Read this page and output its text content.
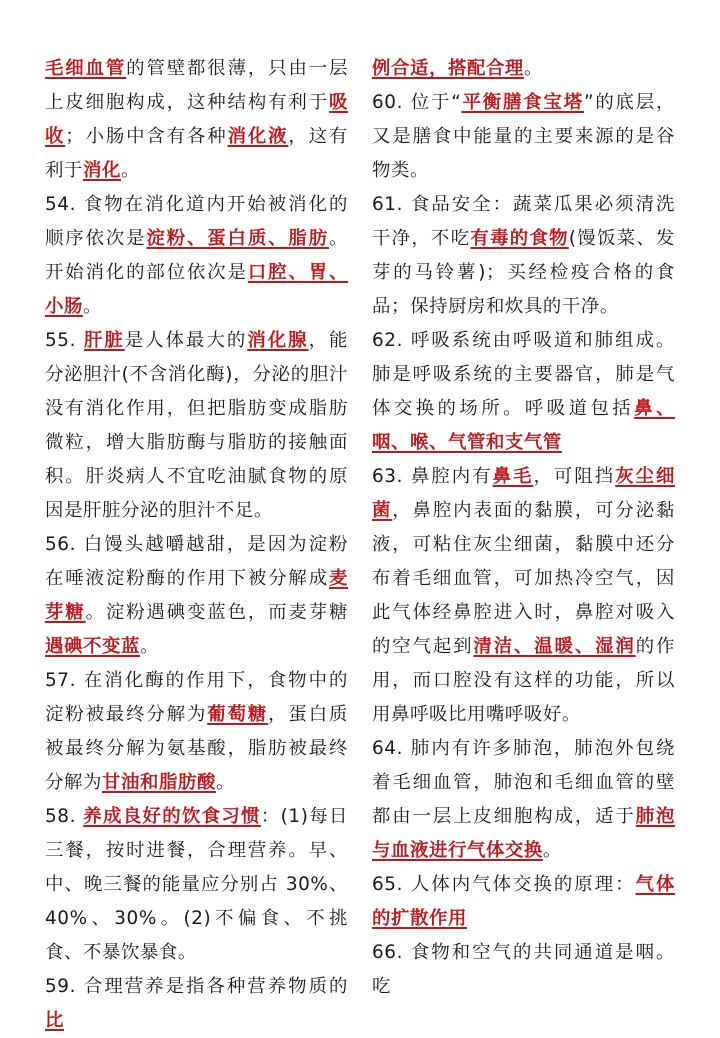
毛细血管的管壁都很薄，只由一层上皮细胞构成，这种结构有利于吸收；小肠中含有各种消化液，这有利于消化。

54. 食物在消化道内开始被消化的顺序依次是淀粉、蛋白质、脂肪。开始消化的部位依次是口腔、胃、小肠。

55. 肝脏是人体最大的消化腺，能分泌胆汁(不含消化酶)，分泌的胆汁没有消化作用，但把脂肪变成脂肪微粒，增大脂肪酶与脂肪的接触面积。肝炎病人不宜吃油腻食物的原因是肝脏分泌的胆汁不足。

56. 白馒头越嚼越甜，是因为淀粉在唾液淀粉酶的作用下被分解成麦芽糖。淀粉遇碘变蓝色，而麦芽糖遇碘不变蓝。

57. 在消化酶的作用下，食物中的淀粉被最终分解为葡萄糖，蛋白质被最终分解为氨基酸，脂肪被最终分解为甘油和脂肪酸。

58. 养成良好的饮食习惯：(1)每日三餐，按时进餐，合理营养。早、中、晚三餐的能量应分别占 30%、40%、30%。(2)不偏食、不挑食、不暴饮暴食。

59. 合理营养是指各种营养物质的比

例合适，搭配合理。

60. 位于“平衡膳食宝塔”的底层，又是膳食中能量的主要来源的是谷物类。

61. 食品安全：蔬菜瓜果必须清洗干净，不吃有毒的食物(馒饭菜、发芽的马铃薯)；买经检疫合格的食品；保持厨房和炊具的干净。

62. 呼吸系统由呼吸道和肺组成。肺是呼吸系统的主要器官，肺是气体交换的场所。呼吸道包括鼻、咽、喉、气管和支气管

63. 鼻腔内有鼻毛，可阻挡灰尘细菌，鼻腔内表面的黏膜，可分泌黏液，可粘住灰尘细菌，黏膜中还分布着毛细血管，可加热冷空气，因此气体经鼻腔进入时，鼻腔对吸入的空气起到清洁、温暖、湿润的作用，而口腔没有这样的功能，所以用鼻呼吸比用嘴呼吸好。

64. 肺内有许多肺泡，肺泡外包绕着毛细血管，肺泡和毛细血管的壁都由一层上皮细胞构成，适于肺泡与血液进行气体交换。

65. 人体内气体交换的原理：气体的扩散作用

66. 食物和空气的共同通道是咽。吃
